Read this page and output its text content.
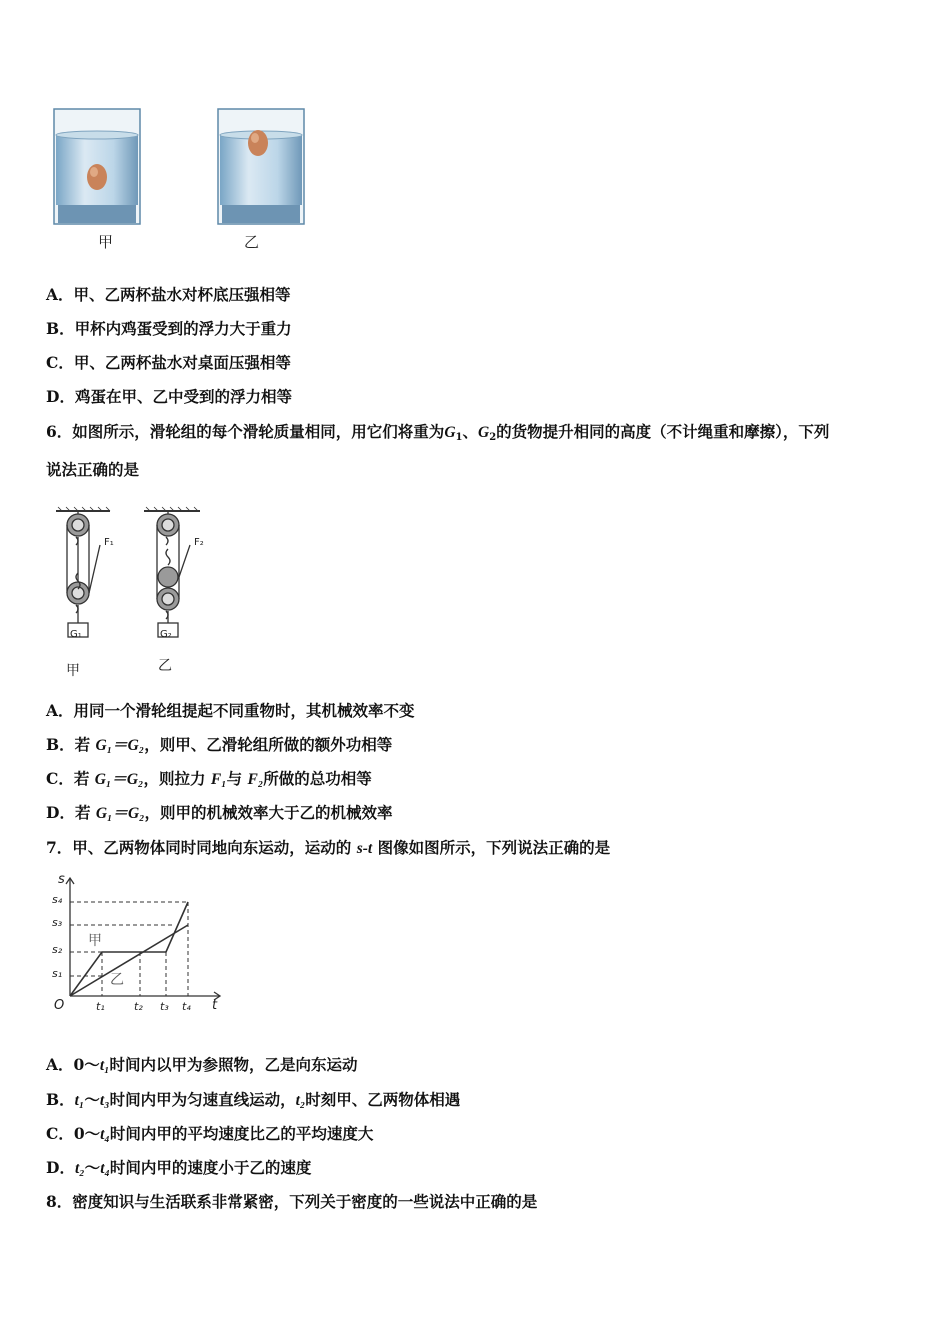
甲	乙
A．甲、乙两杯盐水对杯底压强相等
B．甲杯内鸡蛋受到的浮力大于重力
C．甲、乙两杯盐水对桌面压强相等
D．鸡蛋在甲、乙中受到的浮力相等
6．如图所示，滑轮组的每个滑轮质量相同，用它们将重为$G_1$、$G_2$的货物提升相同的高度（不计绳重和摩擦），下列
说法正确的是
F₁	F₂
G₁	G₂
甲	乙
A．用同一个滑轮组提起不同重物时，其机械效率不变
B．若 G₁＝G₂，则甲、乙滑轮组所做的额外功相等
C．若 G₁＝G₂，则拉力 F₁与 F₂所做的总功相等
D．若 G₁＝G₂，则甲的机械效率大于乙的机械效率
7．甲、乙两物体同时同地向东运动，运动的 s-t 图像如图所示，下列说法正确的是
s
t
O
s₁
s₂
s₃
s₄
t₁	t₂ t₃ t₄
甲
乙
A．0～t₁时间内以甲为参照物，乙是向东运动
B．t₁～t₃时间内甲为匀速直线运动，t₂时刻甲、乙两物体相遇
C．0～t₄时间内甲的平均速度比乙的平均速度大
D．t₂～t₄时间内甲的速度小于乙的速度
8．密度知识与生活联系非常紧密，下列关于密度的一些说法中正确的是
